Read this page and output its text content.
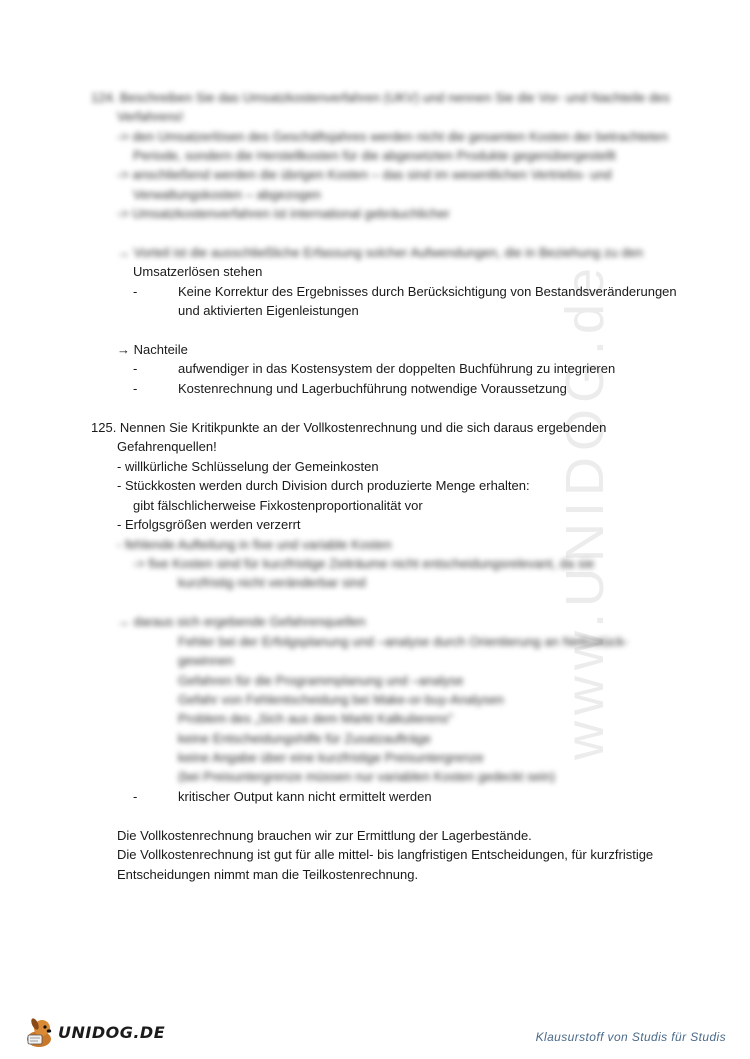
www.UNIDOG.de
124. Beschreiben Sie das Umsatzkostenverfahren (UKV) und nennen Sie die Vor- und Nachteile des
Verfahrens!
-> den Umsatzerlösen des Geschäftsjahres werden nicht die gesamten Kosten der betrachteten
Periode, sondern die Herstellkosten für die abgesetzten Produkte gegenübergestellt
-> anschließend werden die übrigen Kosten – das sind im wesentlichen Vertriebs- und
Verwaltungskosten – abgezogen
-> Umsatzkostenverfahren ist international gebräuchlicher
→ Vorteil ist die ausschließliche Erfassung solcher Aufwendungen, die in Beziehung zu den
Umsatzerlösen stehen
-	Keine Korrektur des Ergebnisses durch Berücksichtigung von Bestandsveränderungen
und aktivierten Eigenleistungen
→ Nachteile
-	aufwendiger in das Kostensystem der doppelten Buchführung zu integrieren
-	Kostenrechnung und Lagerbuchführung notwendige Voraussetzung
125. Nennen Sie Kritikpunkte an der Vollkostenrechnung und die sich daraus ergebenden
Gefahrenquellen!
- willkürliche Schlüsselung der Gemeinkosten
- Stückkosten werden durch Division durch produzierte Menge erhalten:
gibt fälschlicherweise Fixkostenproportionalität vor
- Erfolgsgrößen werden verzerrt
- fehlende Aufteilung in fixe und variable Kosten
-> fixe Kosten sind für kurzfristige Zeiträume nicht entscheidungsrelevant, da sie
kurzfristig nicht veränderbar sind
→ daraus sich ergebende Gefahrenquellen
Fehler bei der Erfolgsplanung und –analyse durch Orientierung an Nettostück-
gewinnen
Gefahren für die Programmplanung und –analyse
Gefahr von Fehlentscheidung bei Make-or-buy-Analysen
Problem des „Sich aus dem Markt Kalkulierens"
keine Entscheidungshilfe für Zusatzaufträge
keine Angabe über eine kurzfristige Preisuntergrenze
(bei Preisuntergrenze müssen nur variablen Kosten gedeckt sein)
-	kritischer Output kann nicht ermittelt werden
Die Vollkostenrechnung brauchen wir zur Ermittlung der Lagerbestände.
Die Vollkostenrechnung ist gut für alle mittel- bis langfristigen Entscheidungen, für kurzfristige
Entscheidungen nimmt man die Teilkostenrechnung.
UNIDOG.DE	Klausurstoff von Studis für Studis
